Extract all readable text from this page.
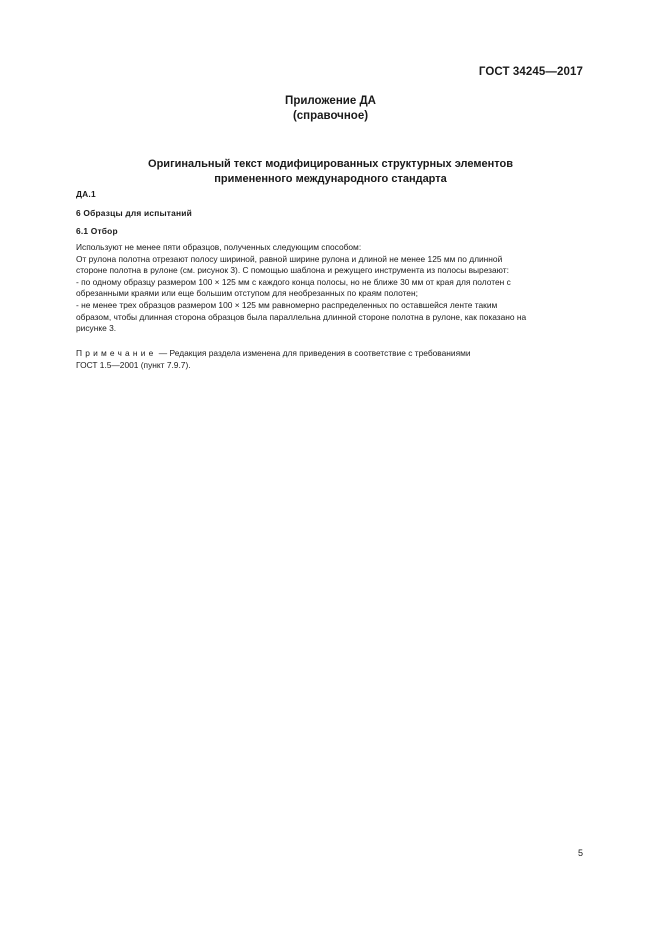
ГОСТ 34245—2017
Приложение ДА
(справочное)
Оригинальный текст модифицированных структурных элементов
примененного международного стандарта
ДА.1
6 Образцы для испытаний
6.1 Отбор
Используют не менее пяти образцов, полученных следующим способом:
От рулона полотна отрезают полосу шириной, равной ширине рулона и длиной не менее 125 мм по длинной
стороне полотна в рулоне (см. рисунок 3). С помощью шаблона и режущего инструмента из полосы вырезают:
- по одному образцу размером 100 × 125 мм с каждого конца полосы, но не ближе 30 мм от края для полотен с
обрезанными краями или еще большим отступом для необрезанных по краям полотен;
- не менее трех образцов размером 100 × 125 мм равномерно распределенных по оставшейся ленте таким
образом, чтобы длинная сторона образцов была параллельна длинной стороне полотна в рулоне, как показано на
рисунке 3.
Примечание — Редакция раздела изменена для приведения в соответствие с требованиями
ГОСТ 1.5—2001 (пункт 7.9.7).
5
